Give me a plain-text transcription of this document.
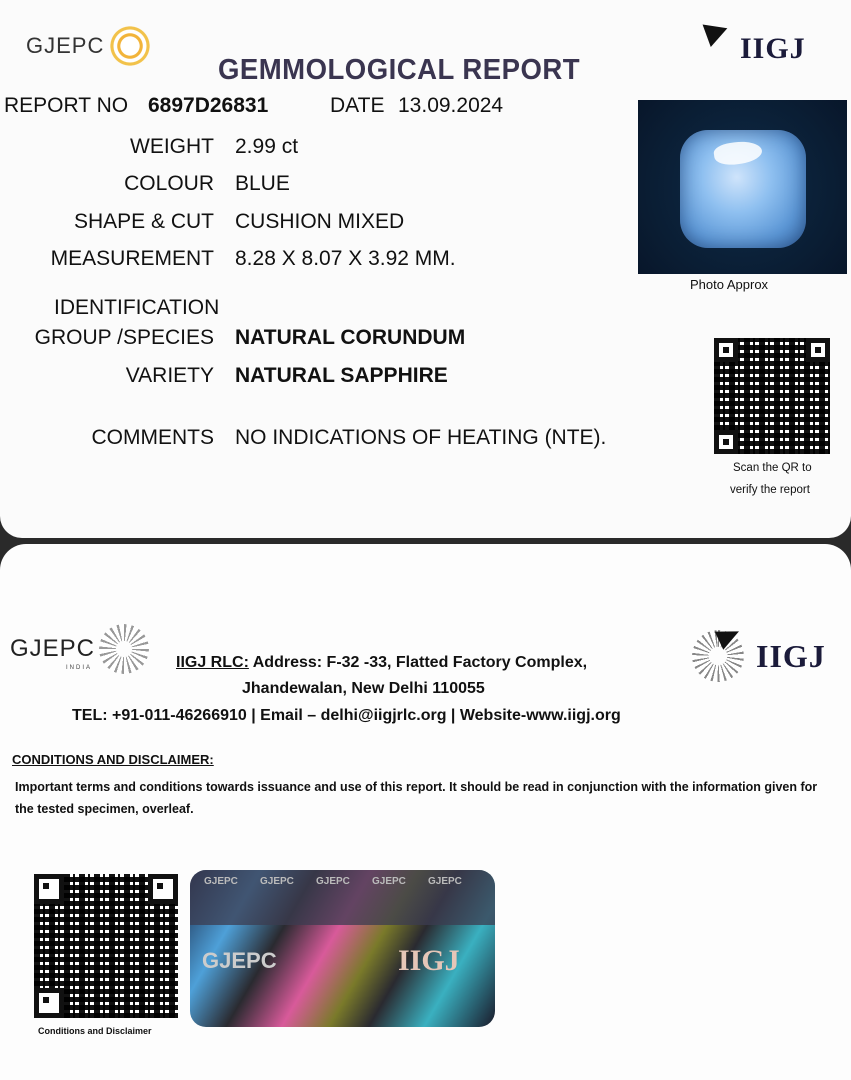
GJEPC	IIGJ
GEMMOLOGICAL REPORT
REPORT NO 6897D26831	DATE 13.09.2024
WEIGHT 2.99 ct
COLOUR BLUE
SHAPE & CUT CUSHION MIXED
MEASUREMENT 8.28 X 8.07 X 3.92 MM.
IDENTIFICATION
GROUP /SPECIES NATURAL CORUNDUM
VARIETY NATURAL SAPPHIRE
COMMENTS NO INDICATIONS OF HEATING (NTE).
Photo Approx
Scan the QR to
verify the report
GJEPC
INDIA	IIGJ
IIGJ RLC: Address: F-32 -33, Flatted Factory Complex,
Jhandewalan, New Delhi 110055
TEL: +91-011-46266910 | Email – delhi@iigjrlc.org | Website-www.iigj.org
CONDITIONS AND DISCLAIMER:
Important terms and conditions towards issuance and use of this report. It should be read in conjunction with the information given for the tested specimen, overleaf.
Conditions and Disclaimer
GJEPC GJEPC GJEPC GJEPC GJEPC
GJEPC	IIGJ
